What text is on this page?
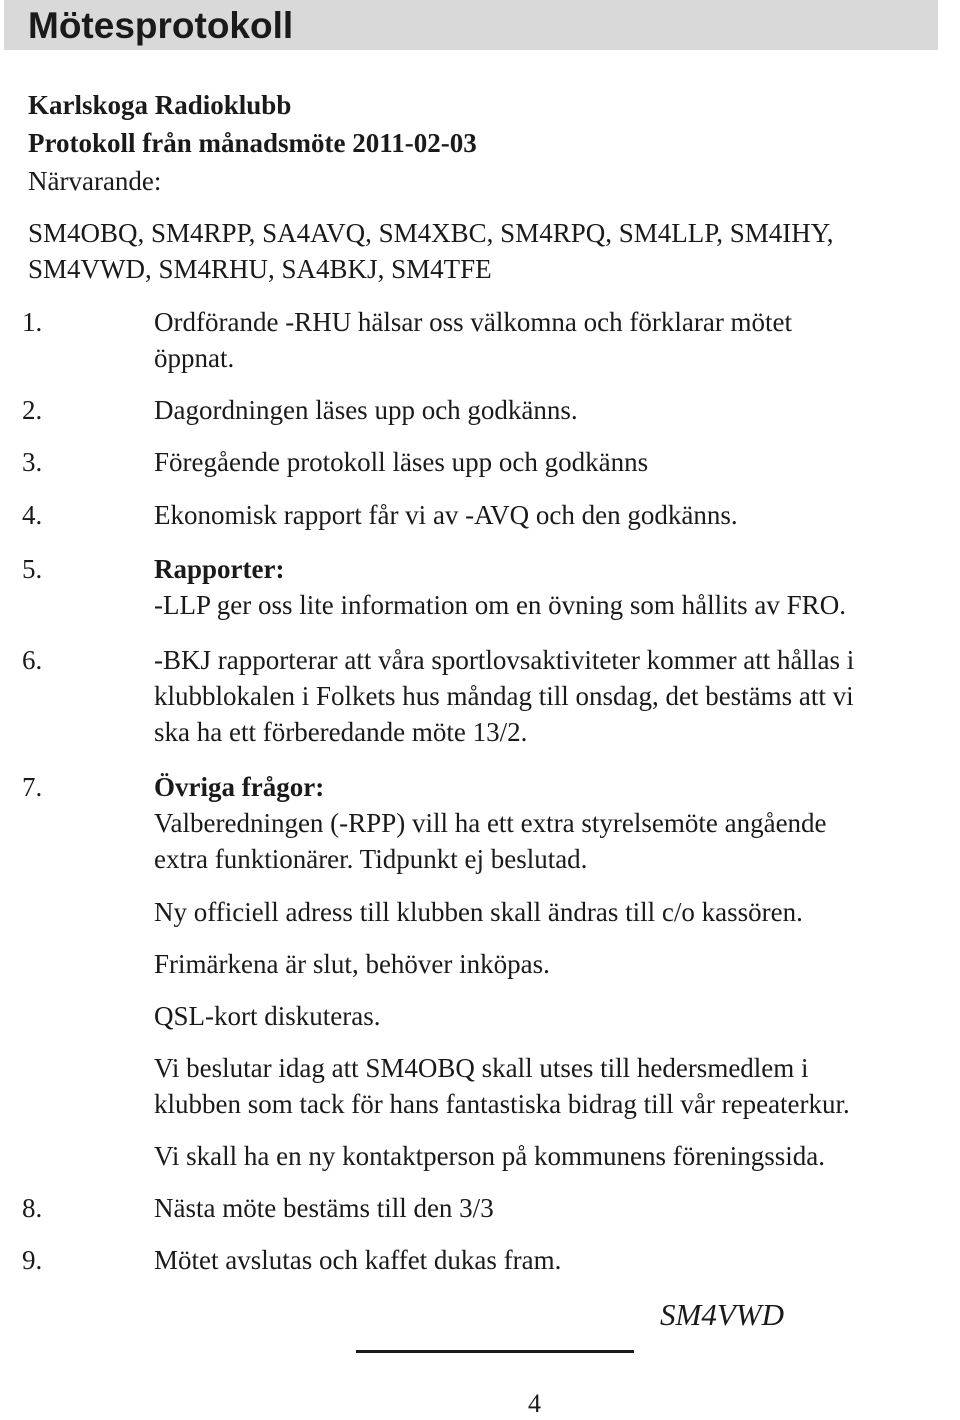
Mötesprotokoll
Karlskoga Radioklubb
Protokoll från månadsmöte 2011-02-03
Närvarande:
SM4OBQ, SM4RPP, SA4AVQ, SM4XBC, SM4RPQ, SM4LLP, SM4IHY,
SM4VWD, SM4RHU, SA4BKJ, SM4TFE
1.	Ordförande -RHU hälsar oss välkomna och förklarar mötet
öppnat.
2.	Dagordningen läses upp och godkänns.
3.	Föregående protokoll läses upp och godkänns
4.	Ekonomisk rapport får vi av -AVQ och den godkänns.
5.	Rapporter:
-LLP ger oss lite information om en övning som hållits av FRO.
6.	-BKJ rapporterar att våra sportlovsaktiviteter kommer att hållas i
klubblokalen i Folkets hus måndag till onsdag, det bestäms att vi
ska ha ett förberedande möte 13/2.
7.	Övriga frågor:
Valberedningen (-RPP) vill ha ett extra styrelsemöte angående
extra funktionärer. Tidpunkt ej beslutad.
Ny officiell adress till klubben skall ändras till c/o kassören.
Frimärkena är slut, behöver inköpas.
QSL-kort diskuteras.
Vi beslutar idag att SM4OBQ skall utses till hedersmedlem i
klubben som tack för hans fantastiska bidrag till vår repeaterkur.
Vi skall ha en ny kontaktperson på kommunens föreningssida.
8.	Nästa möte bestäms till den 3/3
9.	Mötet avslutas och kaffet dukas fram.
SM4VWD
4
